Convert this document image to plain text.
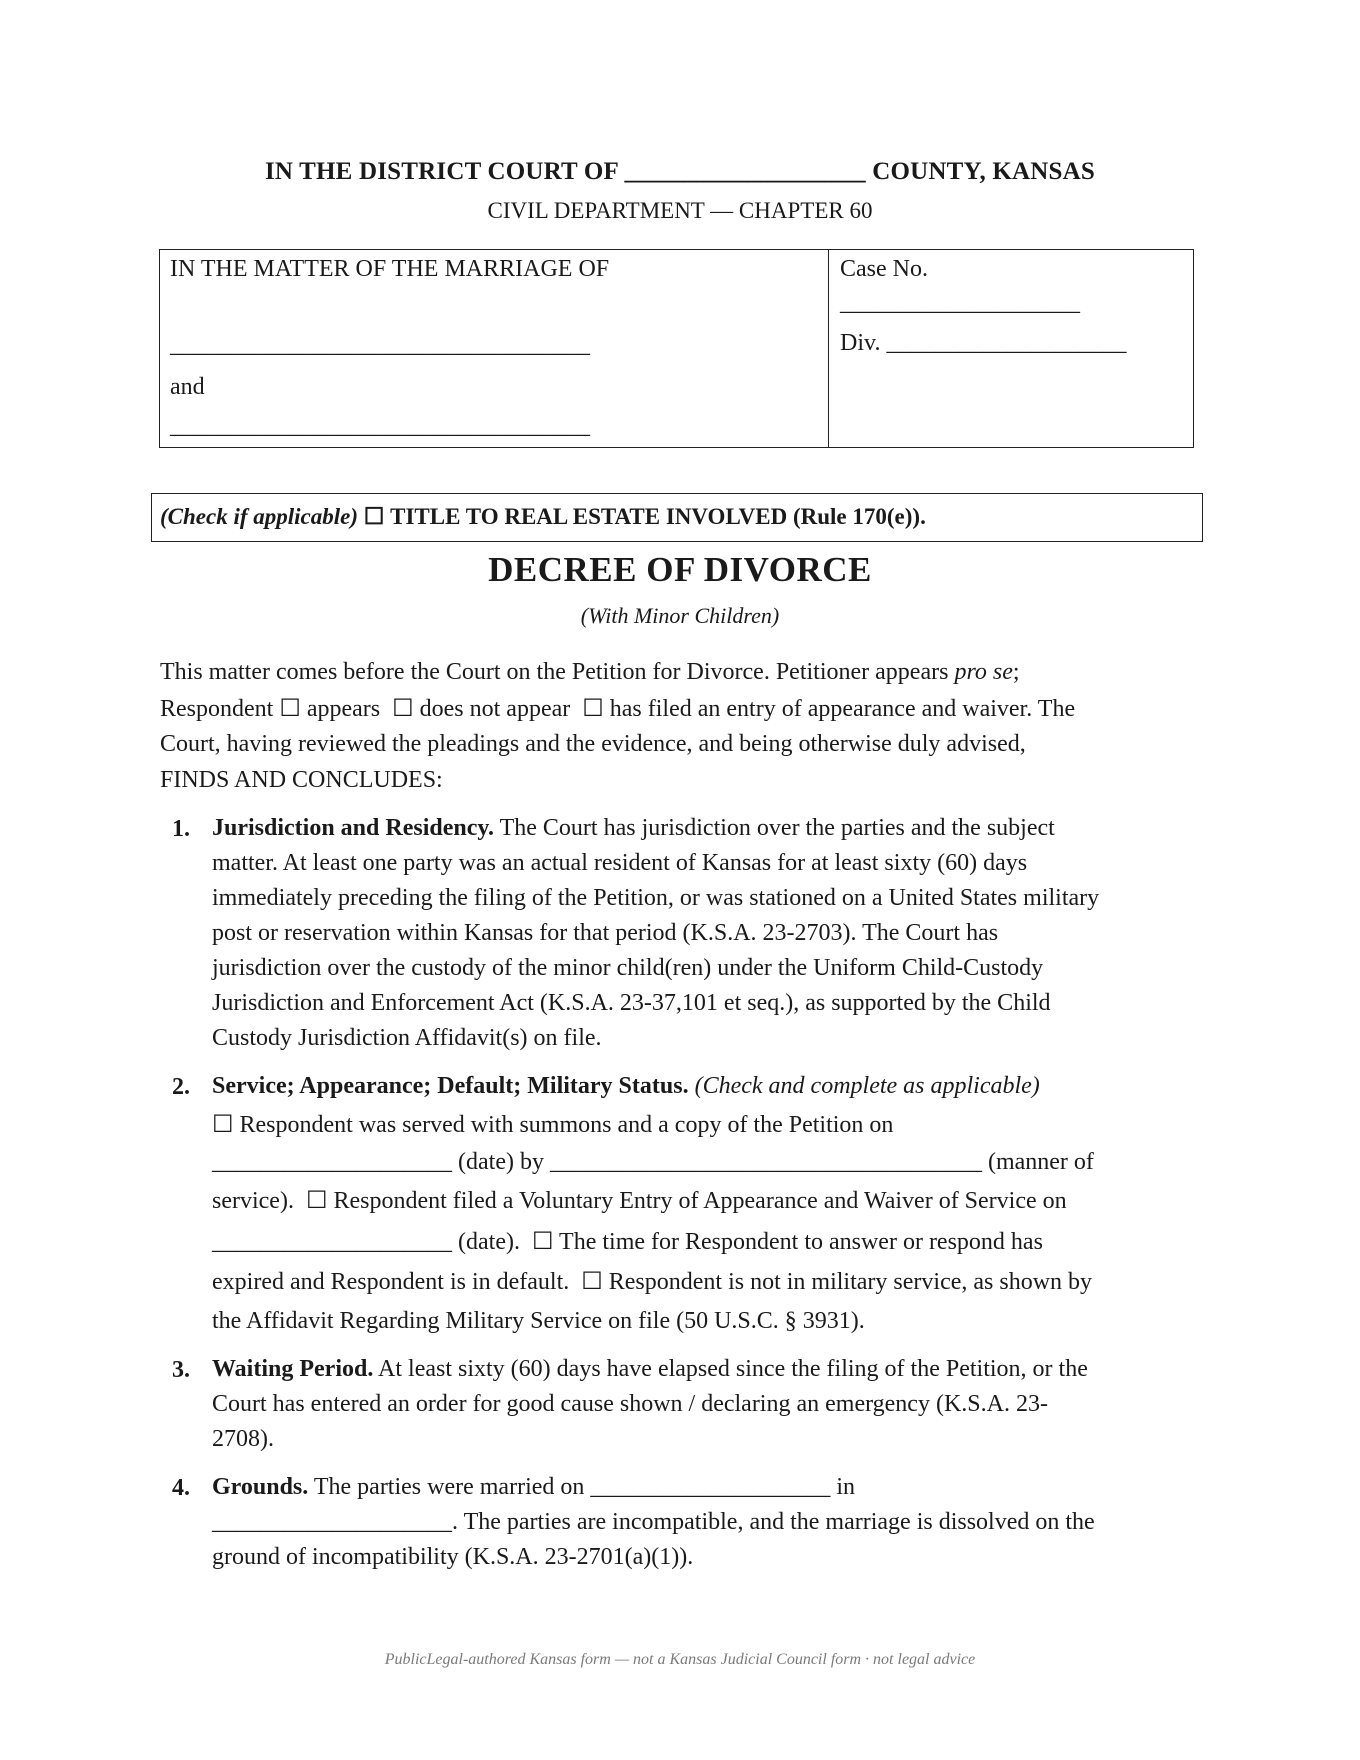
IN THE DISTRICT COURT OF ___________________ COUNTY, KANSAS
CIVIL DEPARTMENT — CHAPTER 60
IN THE MATTER OF THE MARRIAGE OF
___________________________________
and
___________________________________
Case No.
____________________
Div. ____________________
(Check if applicable) ☐ TITLE TO REAL ESTATE INVOLVED (Rule 170(e)).
DECREE OF DIVORCE
(With Minor Children)
This matter comes before the Court on the Petition for Divorce. Petitioner appears pro se;
Respondent ☐ appears  ☐ does not appear  ☐ has filed an entry of appearance and waiver. The
Court, having reviewed the pleadings and the evidence, and being otherwise duly advised,
FINDS AND CONCLUDES:
1. Jurisdiction and Residency. The Court has jurisdiction over the parties and the subject
matter. At least one party was an actual resident of Kansas for at least sixty (60) days
immediately preceding the filing of the Petition, or was stationed on a United States military
post or reservation within Kansas for that period (K.S.A. 23-2703). The Court has
jurisdiction over the custody of the minor child(ren) under the Uniform Child-Custody
Jurisdiction and Enforcement Act (K.S.A. 23-37,101 et seq.), as supported by the Child
Custody Jurisdiction Affidavit(s) on file.
2. Service; Appearance; Default; Military Status. (Check and complete as applicable)
☐ Respondent was served with summons and a copy of the Petition on
____________________ (date) by ____________________________________ (manner of
service).  ☐ Respondent filed a Voluntary Entry of Appearance and Waiver of Service on
____________________ (date).  ☐ The time for Respondent to answer or respond has
expired and Respondent is in default.  ☐ Respondent is not in military service, as shown by
the Affidavit Regarding Military Service on file (50 U.S.C. § 3931).
3. Waiting Period. At least sixty (60) days have elapsed since the filing of the Petition, or the
Court has entered an order for good cause shown / declaring an emergency (K.S.A. 23-
2708).
4. Grounds. The parties were married on ____________________ in
____________________. The parties are incompatible, and the marriage is dissolved on the
ground of incompatibility (K.S.A. 23-2701(a)(1)).
PublicLegal-authored Kansas form — not a Kansas Judicial Council form · not legal advice
